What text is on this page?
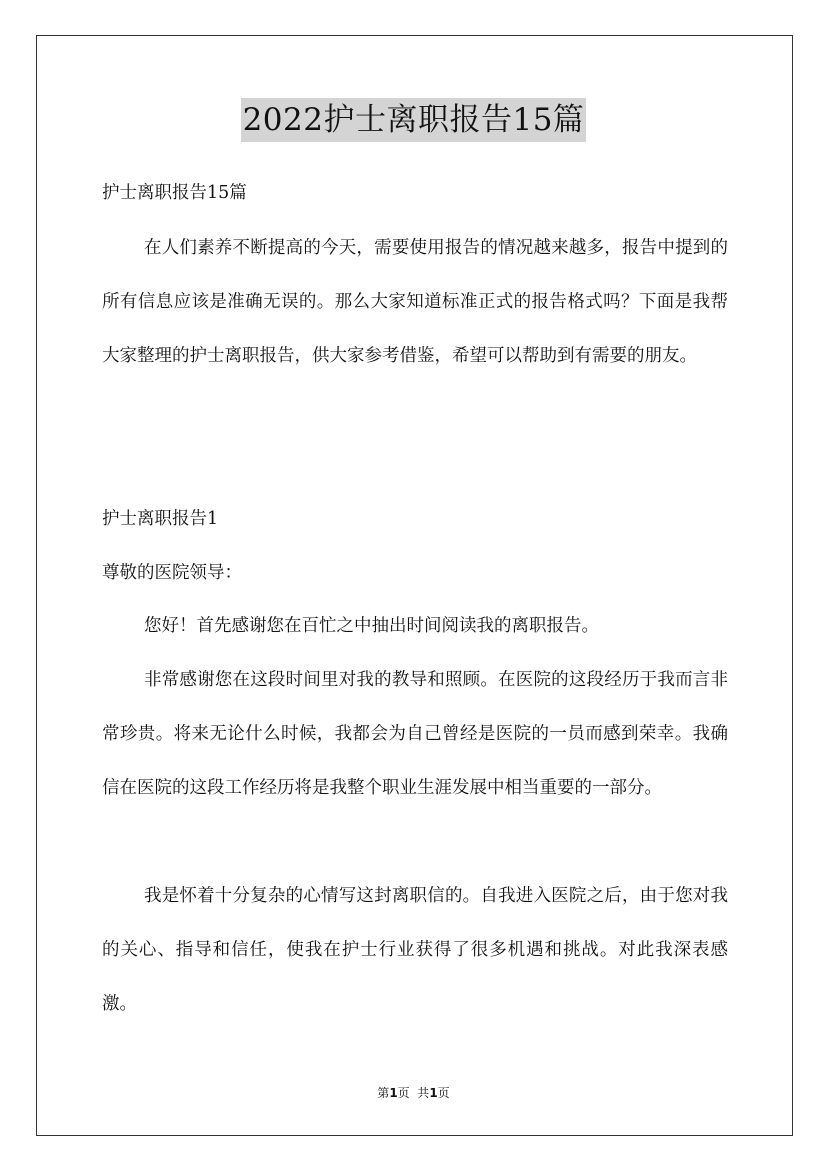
2022护士离职报告15篇
护士离职报告15篇
在人们素养不断提高的今天，需要使用报告的情况越来越多，报告中提到的所有信息应该是准确无误的。那么大家知道标准正式的报告格式吗？下面是我帮大家整理的护士离职报告，供大家参考借鉴，希望可以帮助到有需要的朋友。
护士离职报告1
尊敬的医院领导：
您好！首先感谢您在百忙之中抽出时间阅读我的离职报告。
非常感谢您在这段时间里对我的教导和照顾。在医院的这段经历于我而言非常珍贵。将来无论什么时候，我都会为自己曾经是医院的一员而感到荣幸。我确信在医院的这段工作经历将是我整个职业生涯发展中相当重要的一部分。
我是怀着十分复杂的心情写这封离职信的。自我进入医院之后，由于您对我的关心、指导和信任，使我在护士行业获得了很多机遇和挑战。对此我深表感激。
第1页  共1页
